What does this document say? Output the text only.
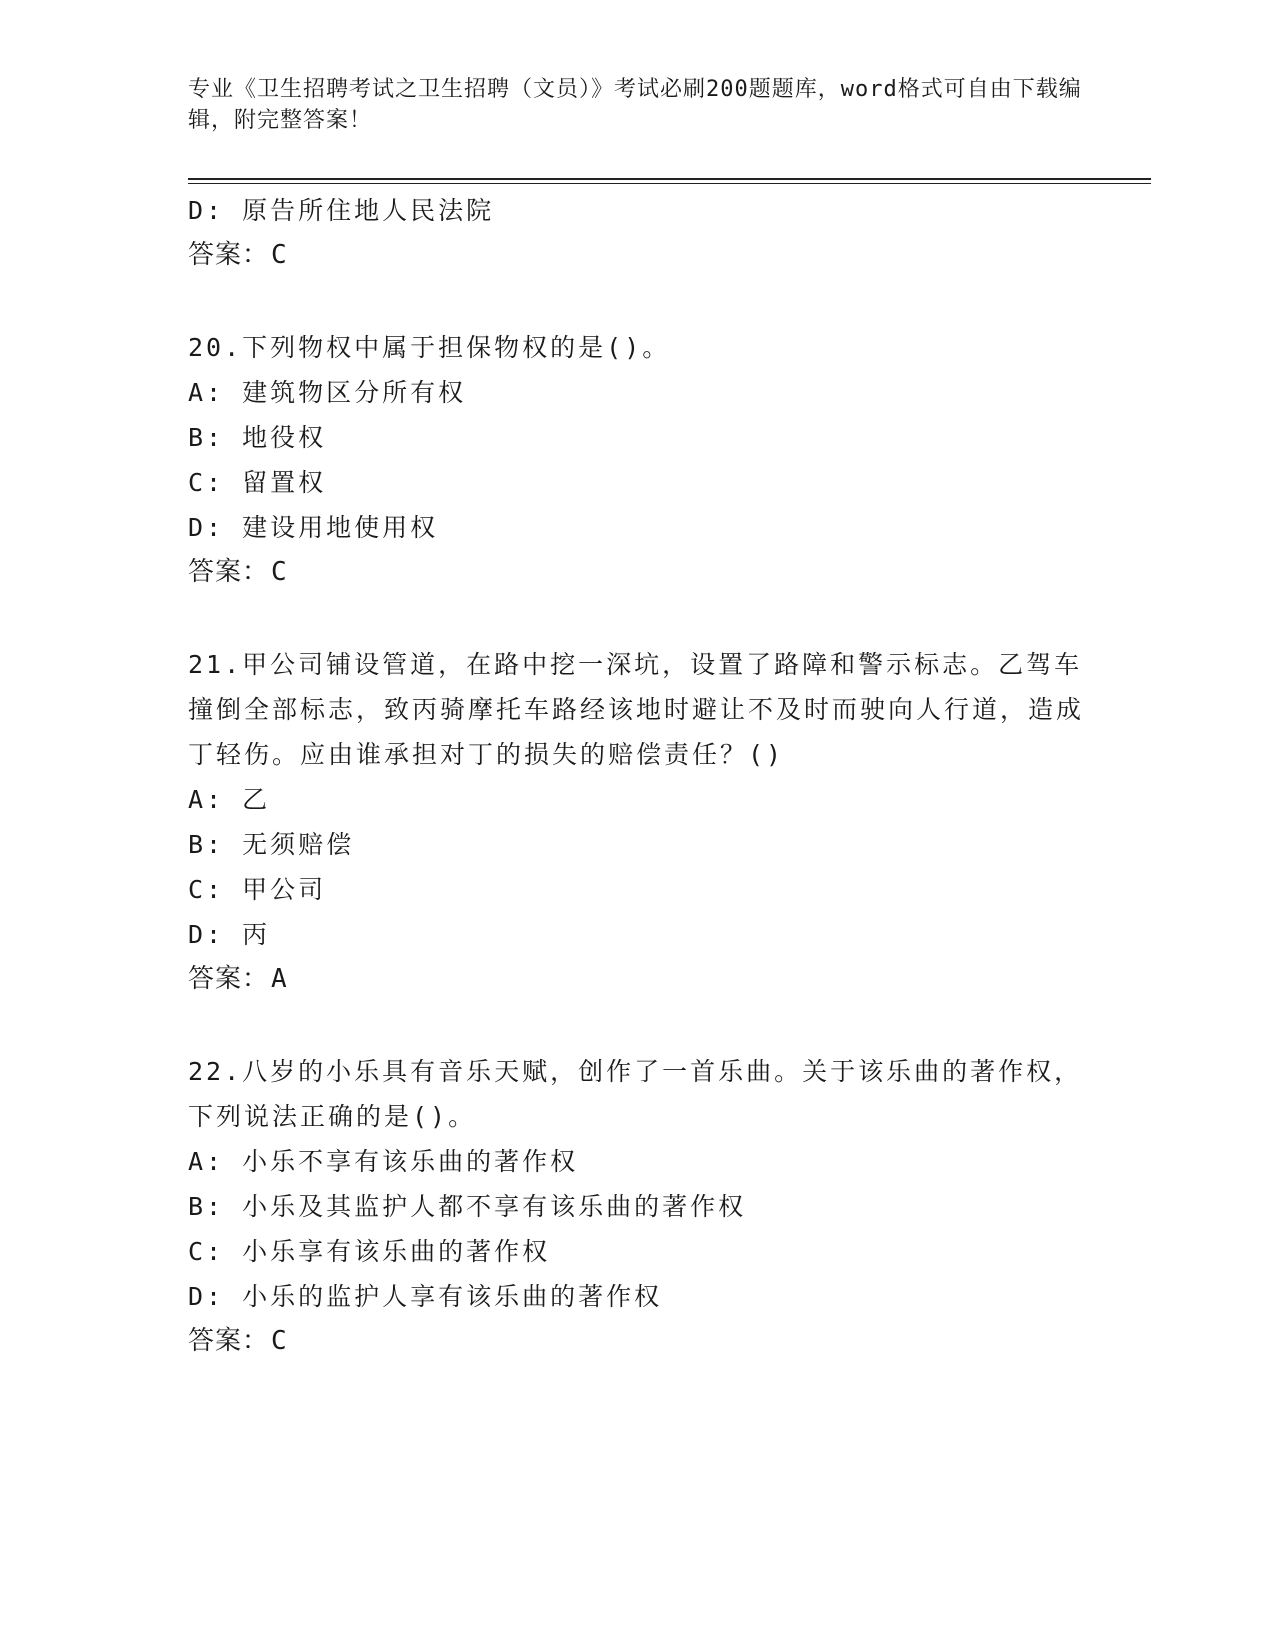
专业《卫生招聘考试之卫生招聘（文员）》考试必刷200题题库，word格式可自由下载编辑，附完整答案！
D: 原告所住地人民法院
答案：C
20.下列物权中属于担保物权的是()。
A: 建筑物区分所有权
B: 地役权
C: 留置权
D: 建设用地使用权
答案：C
21.甲公司铺设管道，在路中挖一深坑，设置了路障和警示标志。乙驾车撞倒全部标志，致丙骑摩托车路经该地时避让不及时而驶向人行道，造成丁轻伤。应由谁承担对丁的损失的赔偿责任？()
A: 乙
B: 无须赔偿
C: 甲公司
D: 丙
答案：A
22.八岁的小乐具有音乐天赋，创作了一首乐曲。关于该乐曲的著作权，下列说法正确的是()。
A: 小乐不享有该乐曲的著作权
B: 小乐及其监护人都不享有该乐曲的著作权
C: 小乐享有该乐曲的著作权
D: 小乐的监护人享有该乐曲的著作权
答案：C
